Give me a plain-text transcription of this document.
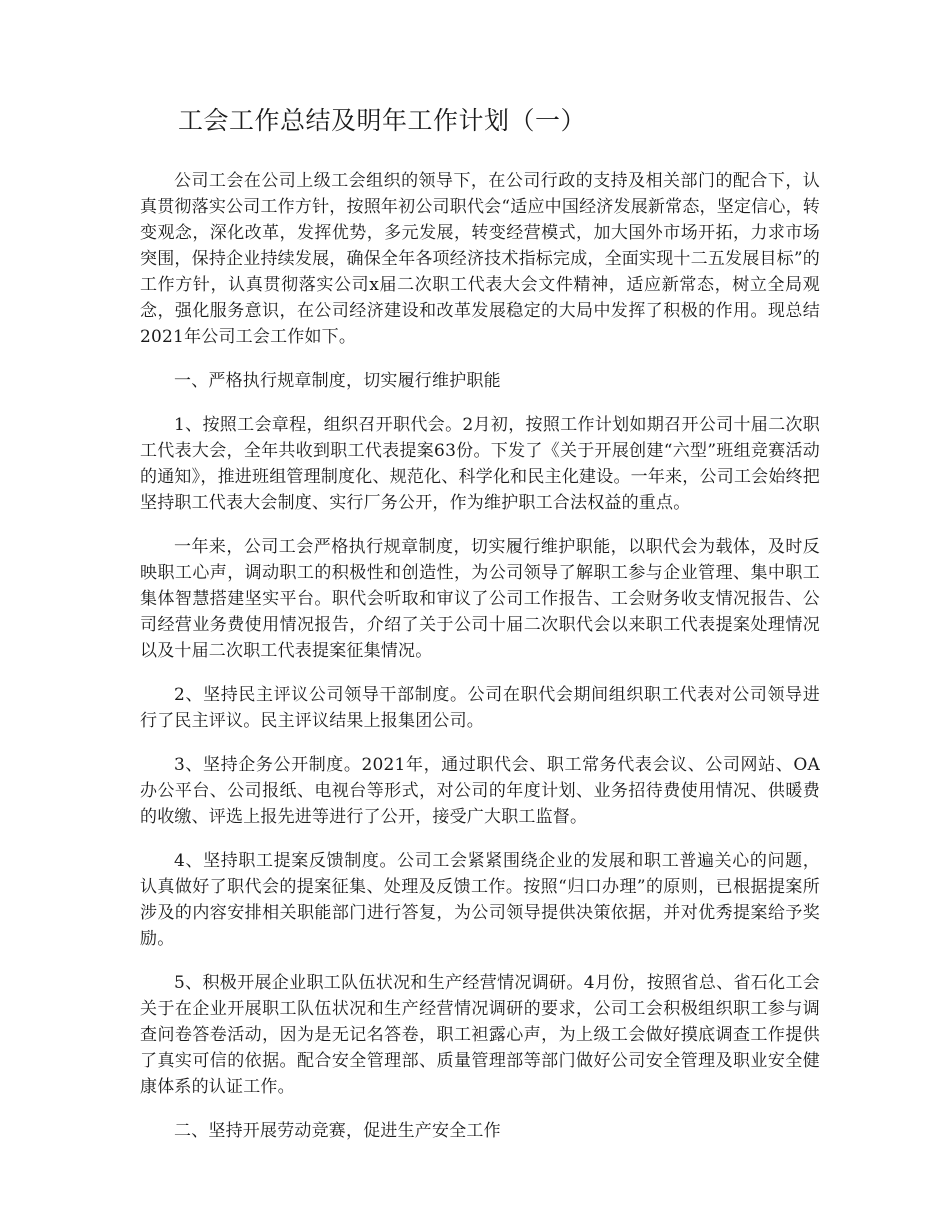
工会工作总结及明年工作计划（一）

公司工会在公司上级工会组织的领导下，在公司行政的支持及相关部门的配合下，认真贯彻落实公司工作方针，按照年初公司职代会“适应中国经济发展新常态，坚定信心，转变观念，深化改革，发挥优势，多元发展，转变经营模式，加大国外市场开拓，力求市场突围，保持企业持续发展，确保全年各项经济技术指标完成，全面实现十二五发展目标”的工作方针，认真贯彻落实公司x届二次职工代表大会文件精神，适应新常态，树立全局观念，强化服务意识，在公司经济建设和改革发展稳定的大局中发挥了积极的作用。现总结2021年公司工会工作如下。

一、严格执行规章制度，切实履行维护职能

1、按照工会章程，组织召开职代会。2月初，按照工作计划如期召开公司十届二次职工代表大会，全年共收到职工代表提案63份。下发了《关于开展创建“六型”班组竞赛活动的通知》，推进班组管理制度化、规范化、科学化和民主化建设。一年来，公司工会始终把坚持职工代表大会制度、实行厂务公开，作为维护职工合法权益的重点。

一年来，公司工会严格执行规章制度，切实履行维护职能，以职代会为载体，及时反映职工心声，调动职工的积极性和创造性，为公司领导了解职工参与企业管理、集中职工集体智慧搭建坚实平台。职代会听取和审议了公司工作报告、工会财务收支情况报告、公司经营业务费使用情况报告，介绍了关于公司十届二次职代会以来职工代表提案处理情况以及十届二次职工代表提案征集情况。

2、坚持民主评议公司领导干部制度。公司在职代会期间组织职工代表对公司领导进行了民主评议。民主评议结果上报集团公司。

3、坚持企务公开制度。2021年，通过职代会、职工常务代表会议、公司网站、OA办公平台、公司报纸、电视台等形式，对公司的年度计划、业务招待费使用情况、供暖费的收缴、评选上报先进等进行了公开，接受广大职工监督。

4、坚持职工提案反馈制度。公司工会紧紧围绕企业的发展和职工普遍关心的问题，认真做好了职代会的提案征集、处理及反馈工作。按照“归口办理”的原则，已根据提案所涉及的内容安排相关职能部门进行答复，为公司领导提供决策依据，并对优秀提案给予奖励。

5、积极开展企业职工队伍状况和生产经营情况调研。4月份，按照省总、省石化工会关于在企业开展职工队伍状况和生产经营情况调研的要求，公司工会积极组织职工参与调查问卷答卷活动，因为是无记名答卷，职工袒露心声，为上级工会做好摸底调查工作提供了真实可信的依据。配合安全管理部、质量管理部等部门做好公司安全管理及职业安全健康体系的认证工作。

二、坚持开展劳动竞赛，促进生产安全工作
